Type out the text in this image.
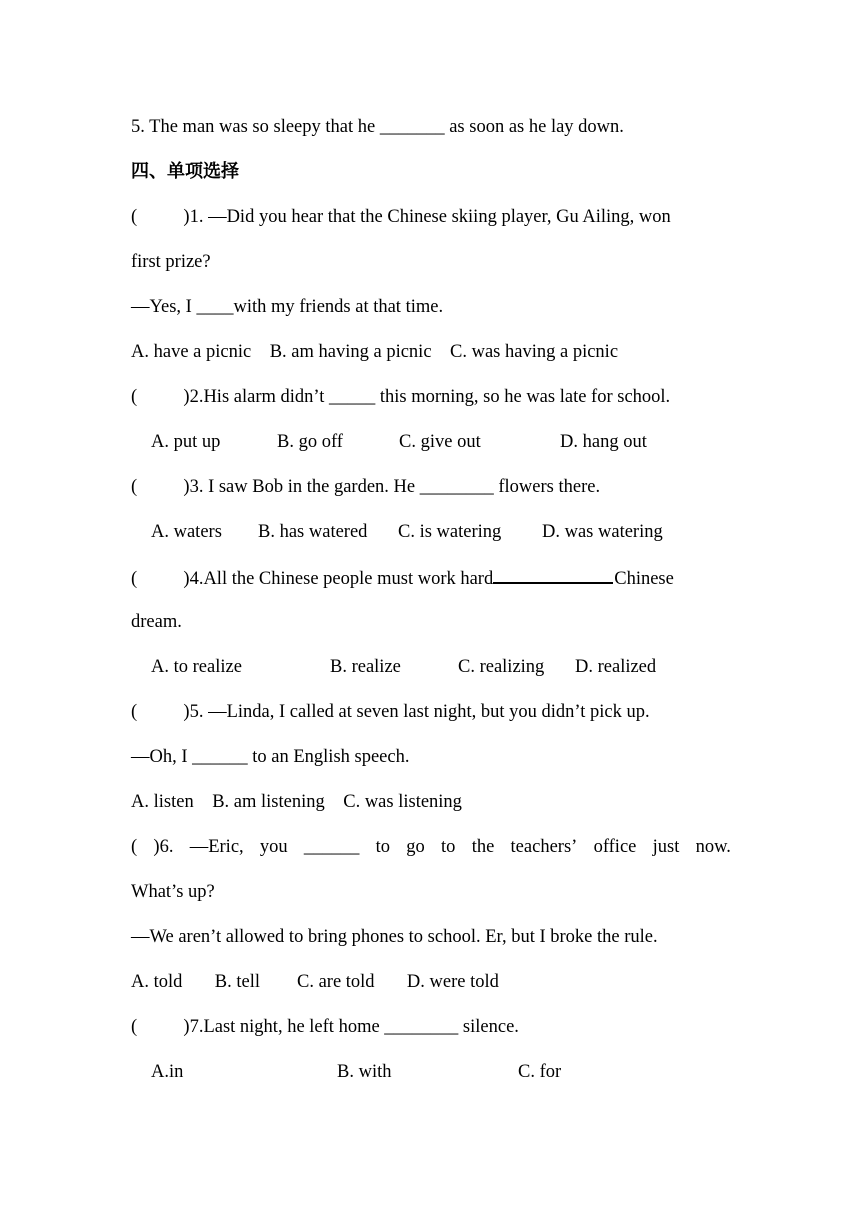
5. The man was so sleepy that he _______ as soon as he lay down.
四、单项选择
(          )1. —Did you hear that the Chinese skiing player, Gu Ailing, won
first prize?
—Yes, I ____with my friends at that time.
A. have a picnic    B. am having a picnic    C. was having a picnic
(          )2.His alarm didn’t _____ this morning, so he was late for school.
A. put up	B. go off	C. give out	D. hang out
(          )3. I saw Bob in the garden. He ________ flowers there.
A. waters B. has watered C. is watering D. was watering
(          )4.All the Chinese people must work hard	Chinese
dream.
A. to realize	B. realize	C. realizing D. realized
(          )5. —Linda, I called at seven last night, but you didn’t pick up.
—Oh, I ______ to an English speech.
A. listen    B. am listening    C. was listening
( )6. —Eric, you ______ to go to the teachers’ office just now.
What’s up?
—We aren’t allowed to bring phones to school. Er, but I broke the rule.
A. told       B. tell        C. are told       D. were told
(          )7.Last night, he left home ________ silence.
A.in	B. with	C. for
